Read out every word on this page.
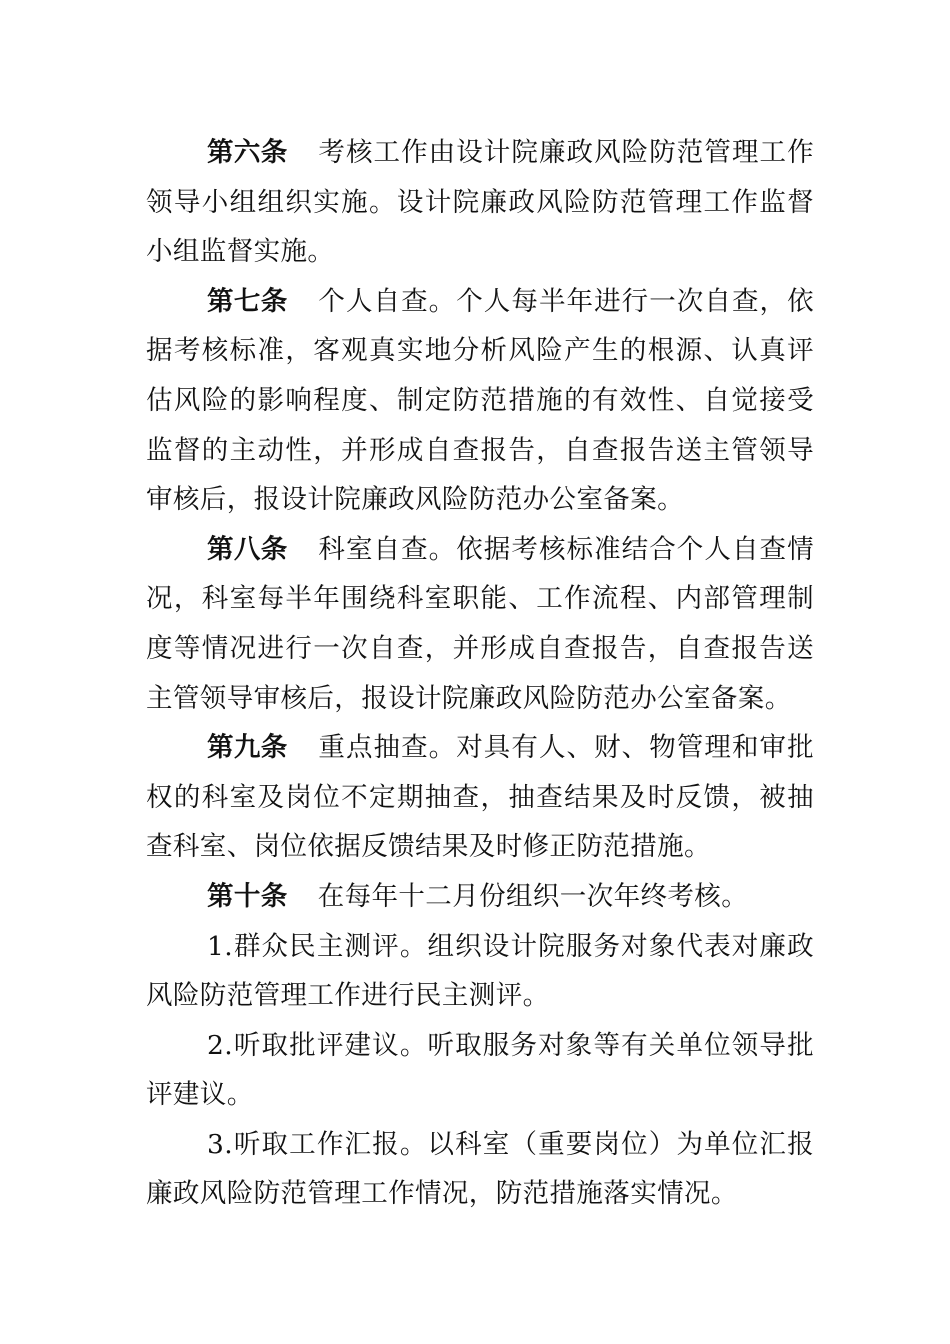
第六条 考核工作由设计院廉政风险防范管理工作领导小组组织实施。设计院廉政风险防范管理工作监督小组监督实施。

第七条 个人自查。个人每半年进行一次自查，依据考核标准，客观真实地分析风险产生的根源、认真评估风险的影响程度、制定防范措施的有效性、自觉接受监督的主动性，并形成自查报告，自查报告送主管领导审核后，报设计院廉政风险防范办公室备案。

第八条 科室自查。依据考核标准结合个人自查情况，科室每半年围绕科室职能、工作流程、内部管理制度等情况进行一次自查，并形成自查报告，自查报告送主管领导审核后，报设计院廉政风险防范办公室备案。

第九条 重点抽查。对具有人、财、物管理和审批权的科室及岗位不定期抽查，抽查结果及时反馈，被抽查科室、岗位依据反馈结果及时修正防范措施。

第十条 在每年十二月份组织一次年终考核。

1.群众民主测评。组织设计院服务对象代表对廉政风险防范管理工作进行民主测评。

2.听取批评建议。听取服务对象等有关单位领导批评建议。

3.听取工作汇报。以科室（重要岗位）为单位汇报廉政风险防范管理工作情况，防范措施落实情况。
